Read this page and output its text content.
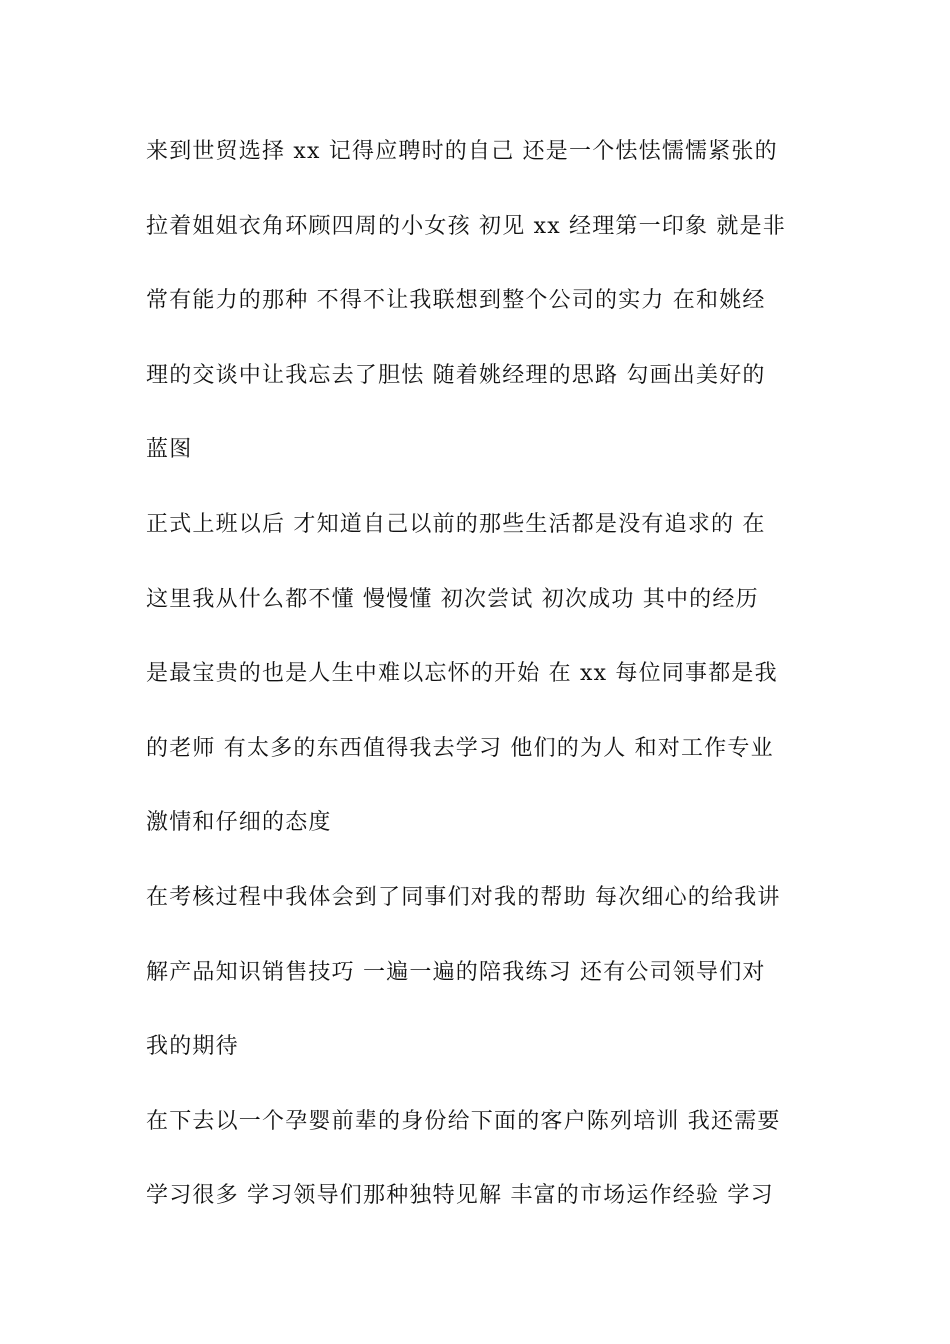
来到世贸选择 xx 记得应聘时的自己 还是一个怯怯懦懦紧张的
拉着姐姐衣角环顾四周的小女孩 初见 xx 经理第一印象 就是非
常有能力的那种 不得不让我联想到整个公司的实力 在和姚经
理的交谈中让我忘去了胆怯 随着姚经理的思路 勾画出美好的
蓝图
正式上班以后 才知道自己以前的那些生活都是没有追求的 在
这里我从什么都不懂 慢慢懂 初次尝试 初次成功 其中的经历
是最宝贵的也是人生中难以忘怀的开始 在 xx 每位同事都是我
的老师 有太多的东西值得我去学习 他们的为人 和对工作专业
激情和仔细的态度
在考核过程中我体会到了同事们对我的帮助 每次细心的给我讲
解产品知识销售技巧 一遍一遍的陪我练习 还有公司领导们对
我的期待
在下去以一个孕婴前辈的身份给下面的客户陈列培训 我还需要
学习很多 学习领导们那种独特见解 丰富的市场运作经验 学习
